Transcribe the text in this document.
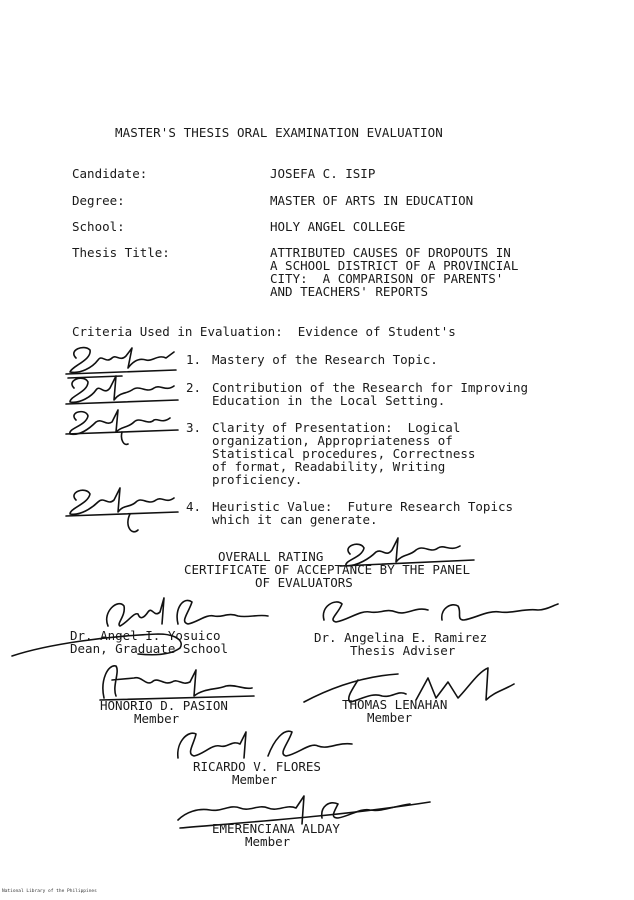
MASTER'S THESIS ORAL EXAMINATION EVALUATION
Candidate:	JOSEFA C. ISIP
Degree:	MASTER OF ARTS IN EDUCATION
School:	HOLY ANGEL COLLEGE
Thesis Title:	ATTRIBUTED CAUSES OF DROPOUTS IN
A SCHOOL DISTRICT OF A PROVINCIAL
CITY:  A COMPARISON OF PARENTS'
AND TEACHERS' REPORTS
Criteria Used in Evaluation:  Evidence of Student's
1. Mastery of the Research Topic.
2. Contribution of the Research for Improving
Education in the Local Setting.
3. Clarity of Presentation:  Logical
organization, Appropriateness of
Statistical procedures, Correctness
of format, Readability, Writing
proficiency.
4. Heuristic Value:  Future Research Topics
which it can generate.
OVERALL RATING
CERTIFICATE OF ACCEPTANCE BY THE PANEL
OF EVALUATORS
Dr. Angel I. Yosuico
Dean, Graduate School
Dr. Angelina E. Ramirez
Thesis Adviser
HONORIO D. PASION
Member
THOMAS LENAHAN
Member
RICARDO V. FLORES
Member
EMERENCIANA ALDAY
Member
National Library of the Philippines
